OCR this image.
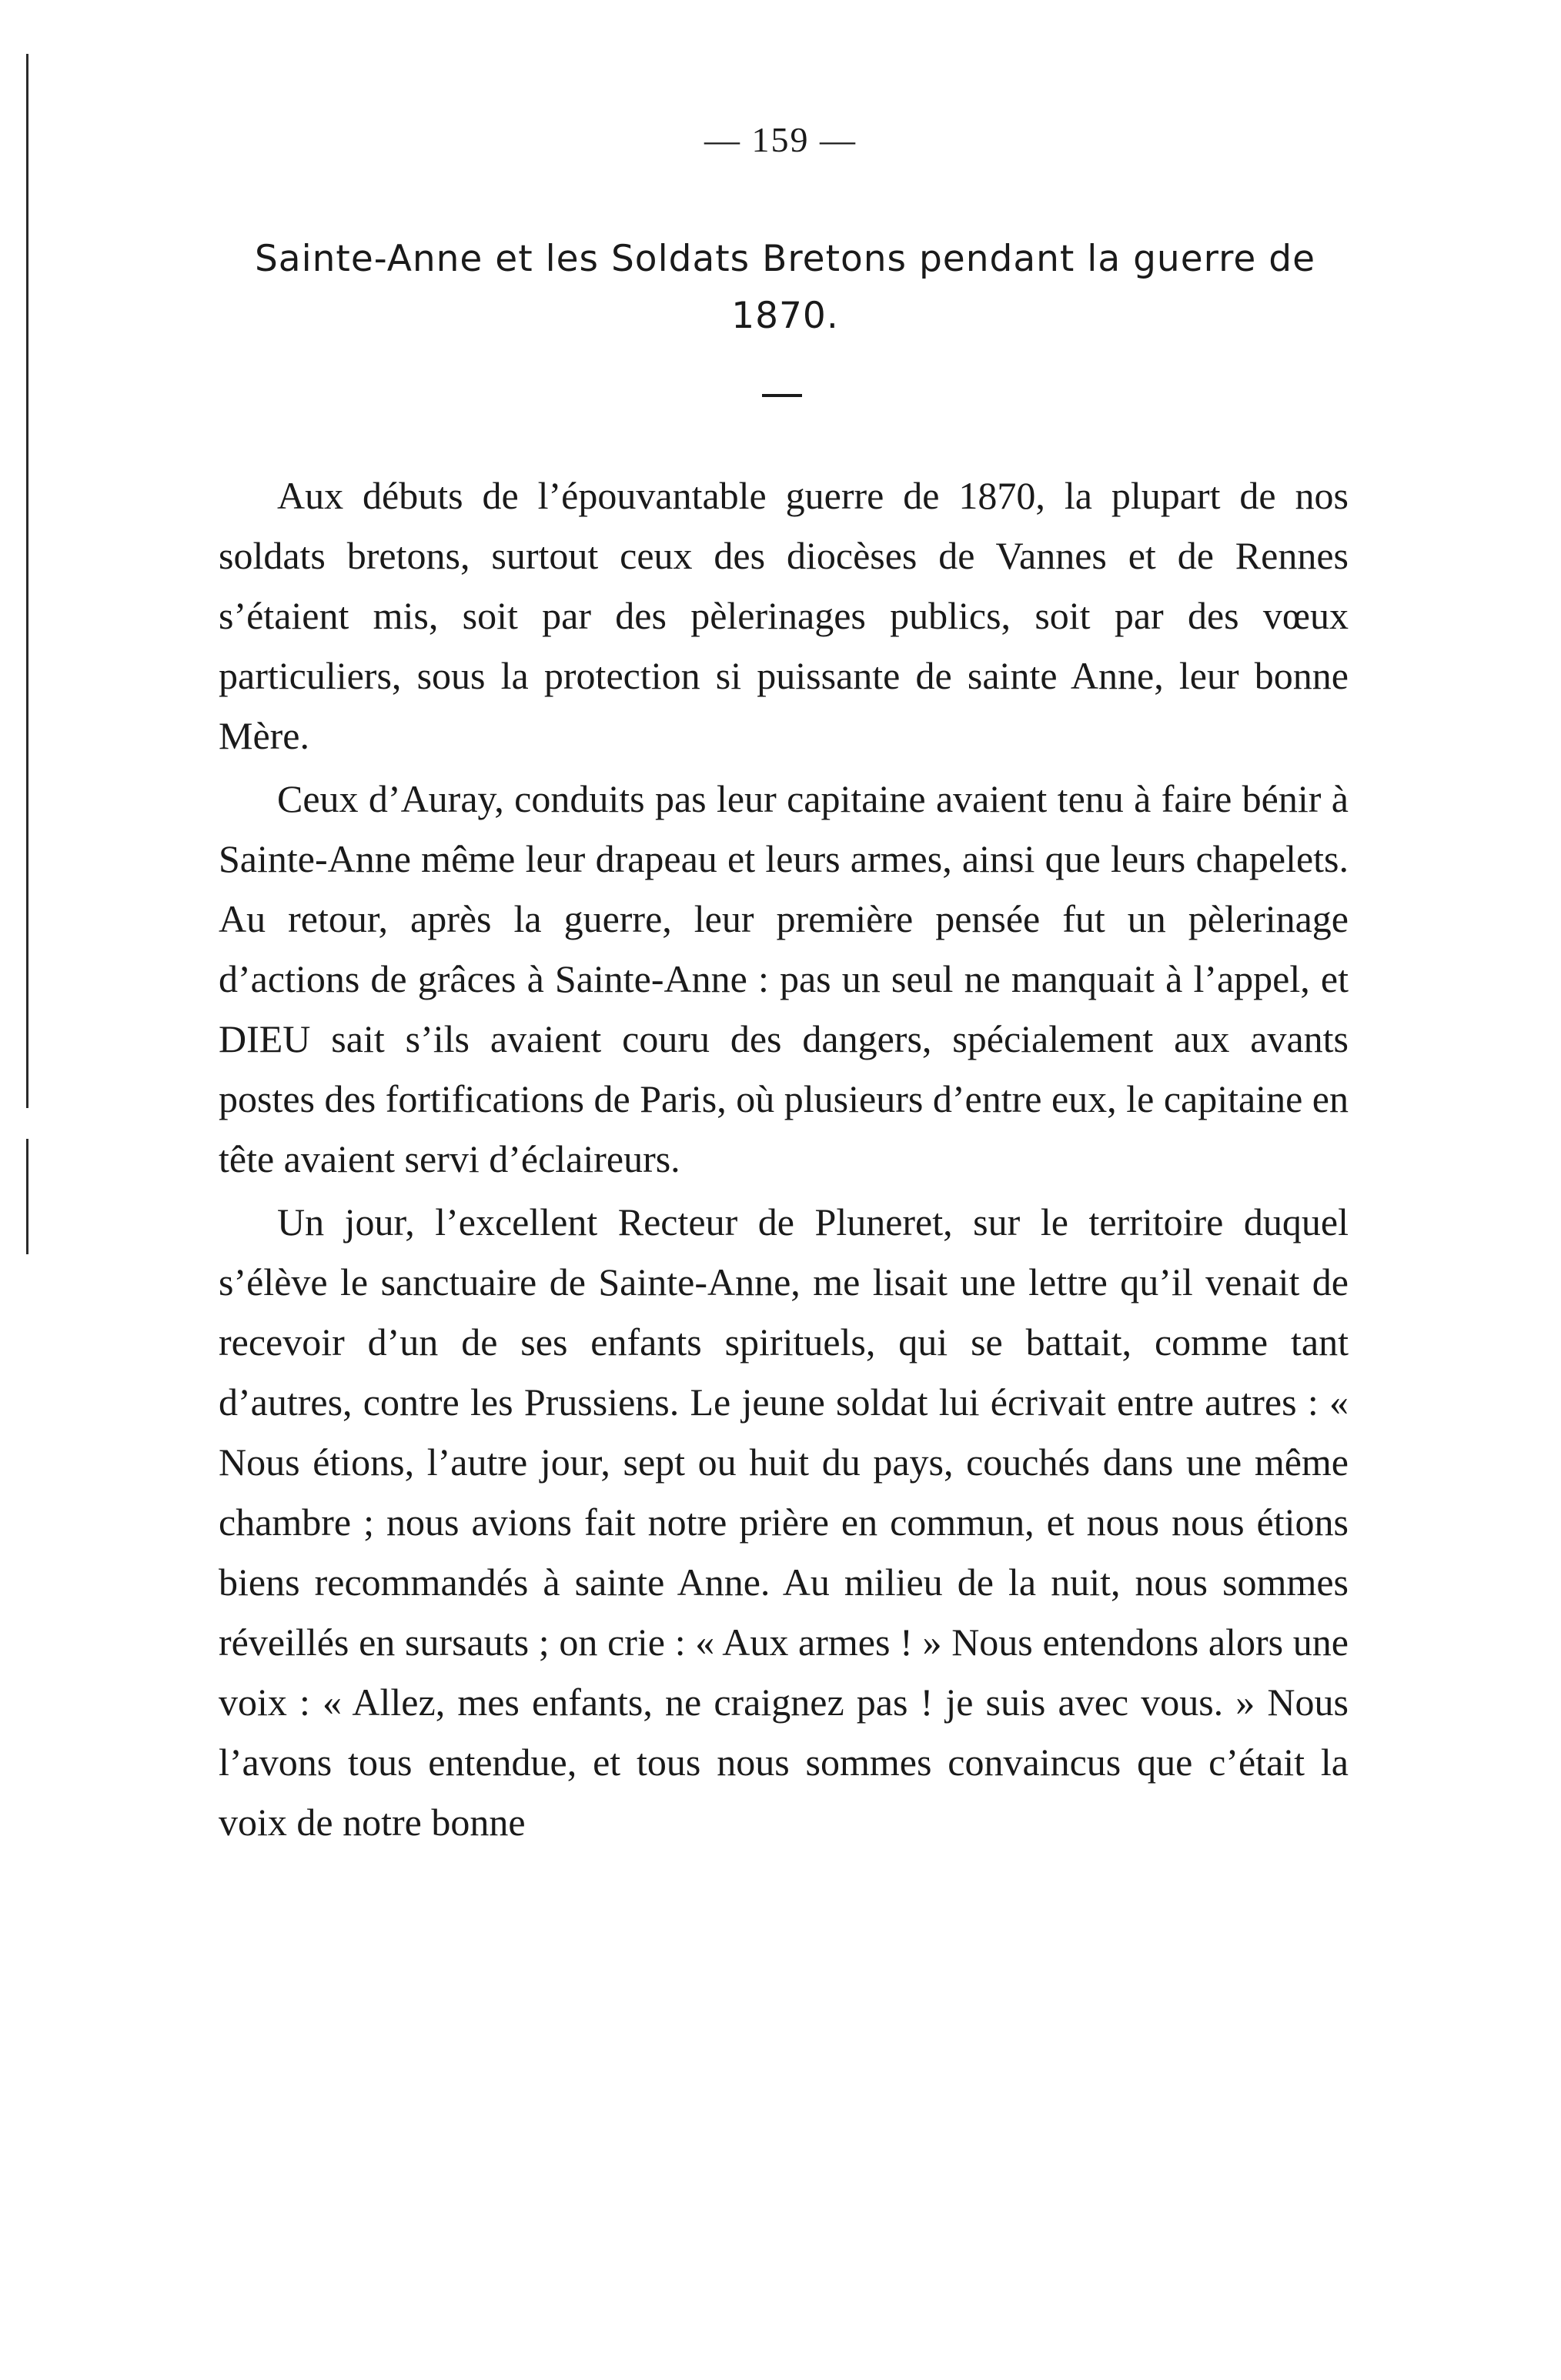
— 159 —
Sainte-Anne et les Soldats Bretons pendant la guerre de 1870.

Aux débuts de l’épouvantable guerre de 1870, la plupart de nos soldats bretons, surtout ceux des diocèses de Vannes et de Rennes s’étaient mis, soit par des pèlerinages publics, soit par des vœux particuliers, sous la protection si puissante de sainte Anne, leur bonne Mère.

Ceux d’Auray, conduits pas leur capitaine avaient tenu à faire bénir à Sainte-Anne même leur drapeau et leurs armes, ainsi que leurs chapelets. Au retour, après la guerre, leur première pensée fut un pèlerinage d’actions de grâces à Sainte-Anne : pas un seul ne manquait à l’appel, et DIEU sait s’ils avaient couru des dangers, spécialement aux avants postes des fortifications de Paris, où plusieurs d’entre eux, le capitaine en tête avaient servi d’éclaireurs.

Un jour, l’excellent Recteur de Pluneret, sur le territoire duquel s’élève le sanctuaire de Sainte-Anne, me lisait une lettre qu’il venait de recevoir d’un de ses enfants spirituels, qui se battait, comme tant d’autres, contre les Prussiens. Le jeune soldat lui écrivait entre autres : « Nous étions, l’autre jour, sept ou huit du pays, couchés dans une même chambre ; nous avions fait notre prière en commun, et nous nous étions biens recommandés à sainte Anne. Au milieu de la nuit, nous sommes réveillés en sursauts ; on crie : « Aux armes ! » Nous entendons alors une voix : « Allez, mes enfants, ne craignez pas ! je suis avec vous. » Nous l’avons tous entendue, et tous nous sommes convaincus que c’était la voix de notre bonne
